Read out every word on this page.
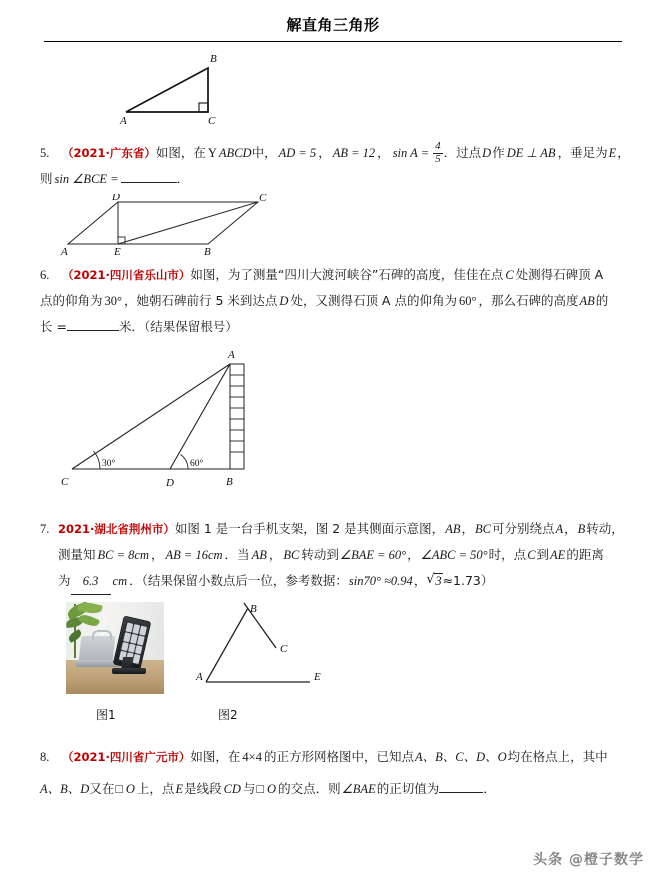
解直角三角形
A	C
B
5. （2021·广东省）如图，在 Y ABCD中， AD = 5 ， AB = 12 ， $\sin A = \frac{4}{5}$ ．过点D作 DE ⊥ AB ，垂足为E，
则 sin ∠BCE =	．
A	E	B
D	C
6. （2021·四川省乐山市）如图，为了测量“四川大渡河峡谷”石碑的高度，佳佳在点 C 处测得石碑顶 A
点的仰角为 30° ，她朝石碑前行 5 米到达点 D 处，又测得石顶 A 点的仰角为 60° ，那么石碑的高度AB的
长 =	米．（结果保留根号）
30°	60°
C	D	B
A
7. 2021·湖北省荆州市）如图 1 是一台手机支架，图 2 是其侧面示意图，AB，BC可分别绕点A，B转动，
测量知 BC = 8cm ， AB = 16cm ．当 AB ， BC 转动到∠BAE = 60°，∠ABC = 50°时，点C到AE的距离
为 6.3 cm ．（结果保留小数点后一位，参考数据：sin70° ≈0.94， √ 3≈1.73）
A
B
C
E
图1	图2
8. （2021·四川省广元市）如图，在 4×4 的正方形网格图中，已知点A、B、C、D、O均在格点上，其中
A、B、D又在□ O 上，点E是线段 CD 与□ O 的交点．则∠BAE的正切值为	．
头条 @橙子数学
